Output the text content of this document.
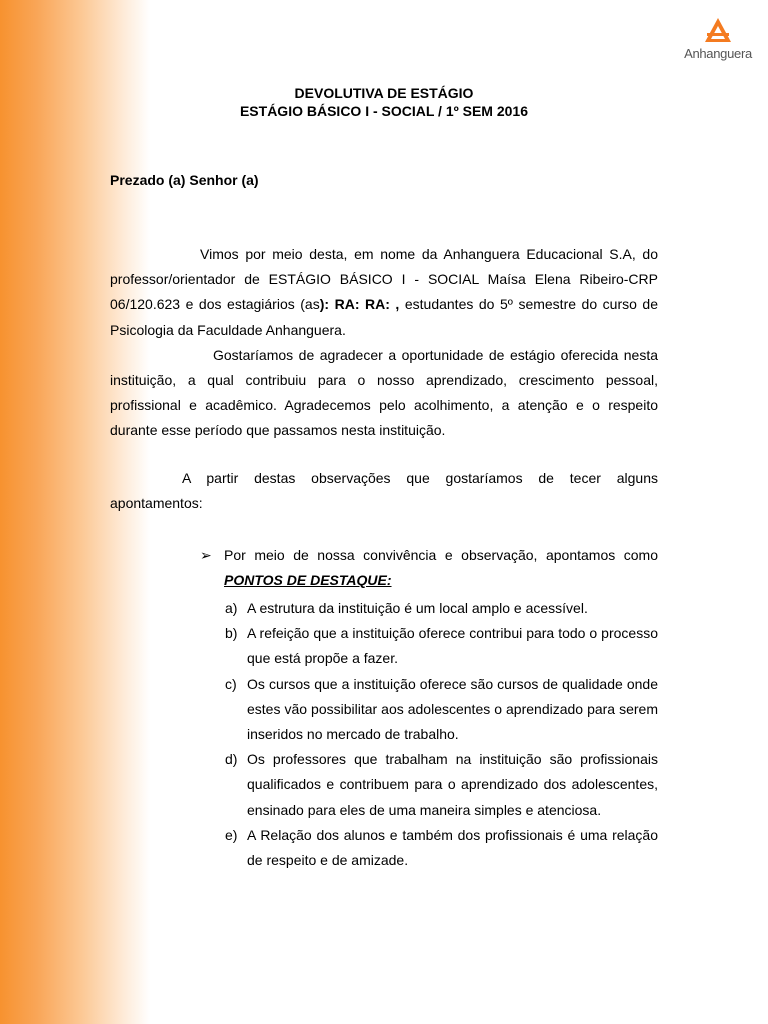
Anhanguera
DEVOLUTIVA DE ESTÁGIO
ESTÁGIO BÁSICO I - SOCIAL / 1º SEM 2016
Prezado (a) Senhor (a)
Vimos por meio desta, em nome da Anhanguera Educacional S.A, do professor/orientador de ESTÁGIO BÁSICO I - SOCIAL Maísa Elena Ribeiro-CRP 06/120.623 e dos estagiários (as): RA: RA: , estudantes do 5º semestre do curso de Psicologia da Faculdade Anhanguera.
Gostaríamos de agradecer a oportunidade de estágio oferecida nesta instituição, a qual contribuiu para o nosso aprendizado, crescimento pessoal, profissional e acadêmico. Agradecemos pelo acolhimento, a atenção e o respeito durante esse período que passamos nesta instituição.
A partir destas observações que gostaríamos de tecer alguns apontamentos:
➢ Por meio de nossa convivência e observação, apontamos como PONTOS DE DESTAQUE:
a) A estrutura da instituição é um local amplo e acessível.
b) A refeição que a instituição oferece contribui para todo o processo que está propõe a fazer.
c) Os cursos que a instituição oferece são cursos de qualidade onde estes vão possibilitar aos adolescentes o aprendizado para serem inseridos no mercado de trabalho.
d) Os professores que trabalham na instituição são profissionais qualificados e contribuem para o aprendizado dos adolescentes, ensinado para eles de uma maneira simples e atenciosa.
e) A Relação dos alunos e também dos profissionais é uma relação de respeito e de amizade.
